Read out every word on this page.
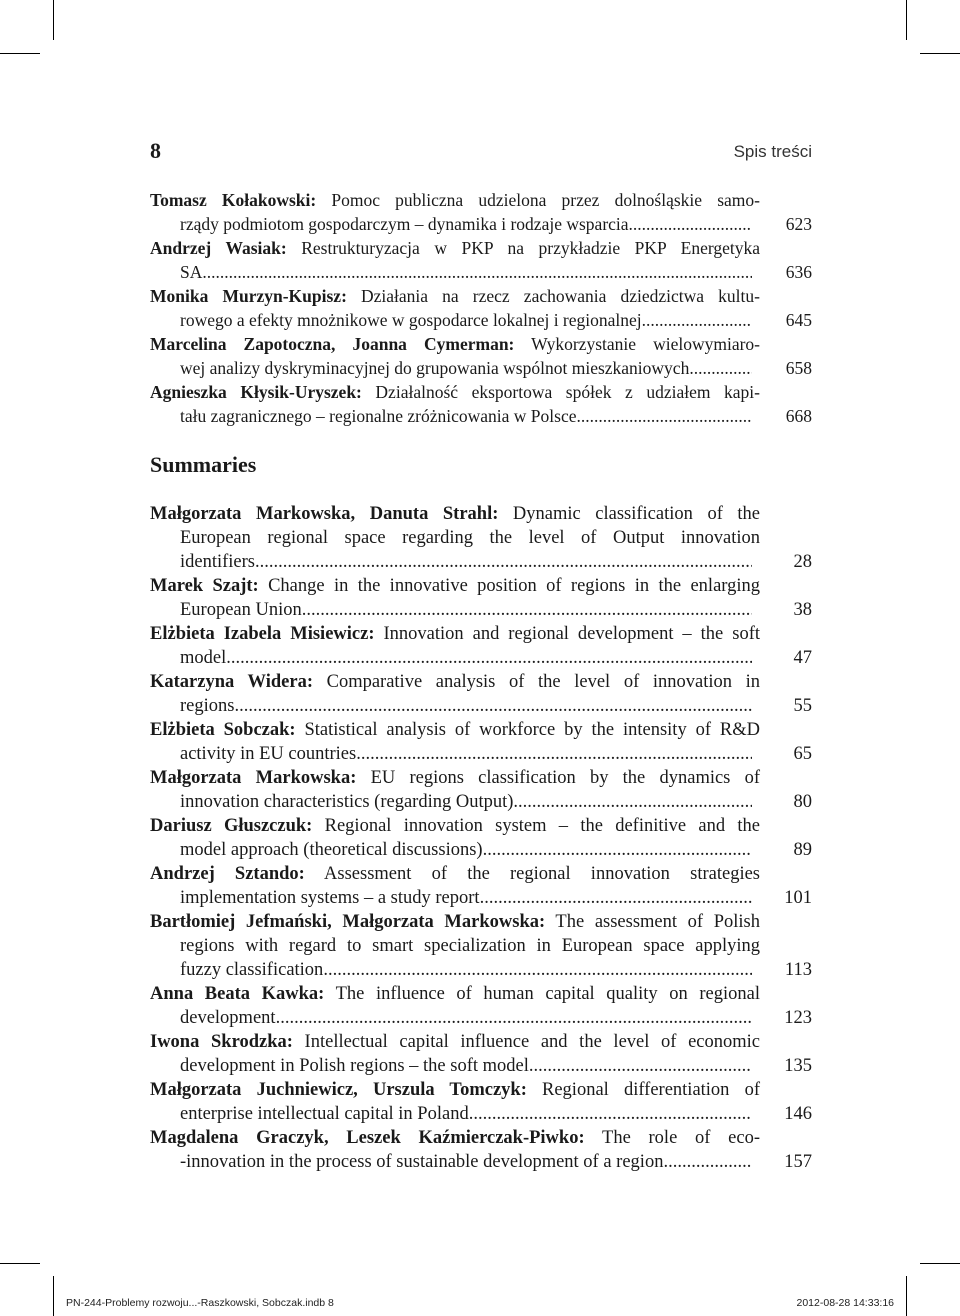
8	Spis treści
Tomasz Kołakowski: Pomoc publiczna udzielona przez dolnośląskie samo-
rządy podmiotom gospodarczym – dynamika i rodzaje wsparcia .....	623
Andrzej Wasiak: Restrukturyzacja w PKP na przykładzie PKP Energetyka
SA .....	636
Monika Murzyn-Kupisz: Działania na rzecz zachowania dziedzictwa kultu-
rowego a efekty mnożnikowe w gospodarce lokalnej i regionalnej .....	645
Marcelina Zapotoczna, Joanna Cymerman: Wykorzystanie wielowymiaro-
wej analizy dyskryminacyjnej do grupowania wspólnot mieszkaniowych .....	658
Agnieszka Kłysik-Uryszek: Działalność eksportowa spółek z udziałem kapi-
tału zagranicznego – regionalne zróżnicowania w Polsce .....	668
Summaries
Małgorzata Markowska, Danuta Strahl: Dynamic classification of the
European regional space regarding the level of Output innovation
identifiers .....	28
Marek Szajt: Change in the innovative position of regions in the enlarging
European Union .....	38
Elżbieta Izabela Misiewicz: Innovation and regional development – the soft
model .....	47
Katarzyna Widera: Comparative analysis of the level of innovation in
regions .....	55
Elżbieta Sobczak: Statistical analysis of workforce by the intensity of R&D
activity in EU countries .....	65
Małgorzata Markowska: EU regions classification by the dynamics of
innovation characteristics (regarding Output) .....	80
Dariusz Głuszczuk: Regional innovation system – the definitive and the
model approach (theoretical discussions) .....	89
Andrzej Sztando: Assessment of the regional innovation strategies
implementation systems – a study report .....	101
Bartłomiej Jefmański, Małgorzata Markowska: The assessment of Polish
regions with regard to smart specialization in European space applying
fuzzy classification .....	113
Anna Beata Kawka: The influence of human capital quality on regional
development .....	123
Iwona Skrodzka: Intellectual capital influence and the level of economic
development in Polish regions – the soft model .....	135
Małgorzata Juchniewicz, Urszula Tomczyk: Regional differentiation of
enterprise intellectual capital in Poland .....	146
Magdalena Graczyk, Leszek Kaźmierczak-Piwko: The role of eco-
-innovation in the process of sustainable development of a region .....	157
PN-244-Problemy rozwoju...-Raszkowski, Sobczak.indb 8	2012-08-28 14:33:16
